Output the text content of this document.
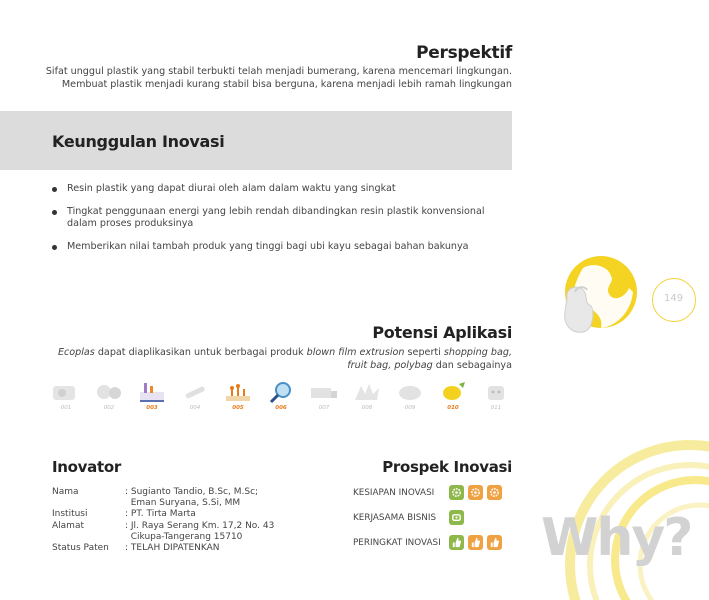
Perspektif
Sifat unggul plastik yang stabil terbukti telah menjadi bumerang, karena mencemari lingkungan.
Membuat plastik menjadi kurang stabil bisa berguna, karena menjadi lebih ramah lingkungan
Keunggulan Inovasi
Resin plastik yang dapat diurai oleh alam dalam waktu yang singkat
Tingkat penggunaan energi yang lebih rendah dibandingkan resin plastik konvensional dalam proses produksinya
Memberikan nilai tambah produk yang tinggi bagi ubi kayu sebagai bahan bakunya
149
Potensi Aplikasi

Ecoplas dapat diaplikasikan untuk berbagai produk blown film extrusion seperti shopping bag, fruit bag, polybag dan sebagainya

001	002	003	004	005	006	007	008	009	010	011
Inovator
Nama	: Sugianto Tandio, B.Sc, M.Sc;
Eman Suryana, S.Si, MM
Institusi	: PT. Tirta Marta
Alamat	: Jl. Raya Serang Km. 17,2 No. 43
Cikupa-Tangerang 15710
Status Paten	: TELAH DIPATENKAN
Prospek Inovasi
KESIAPAN INOVASI
KERJASAMA BISNIS
PERINGKAT INOVASI Why?
